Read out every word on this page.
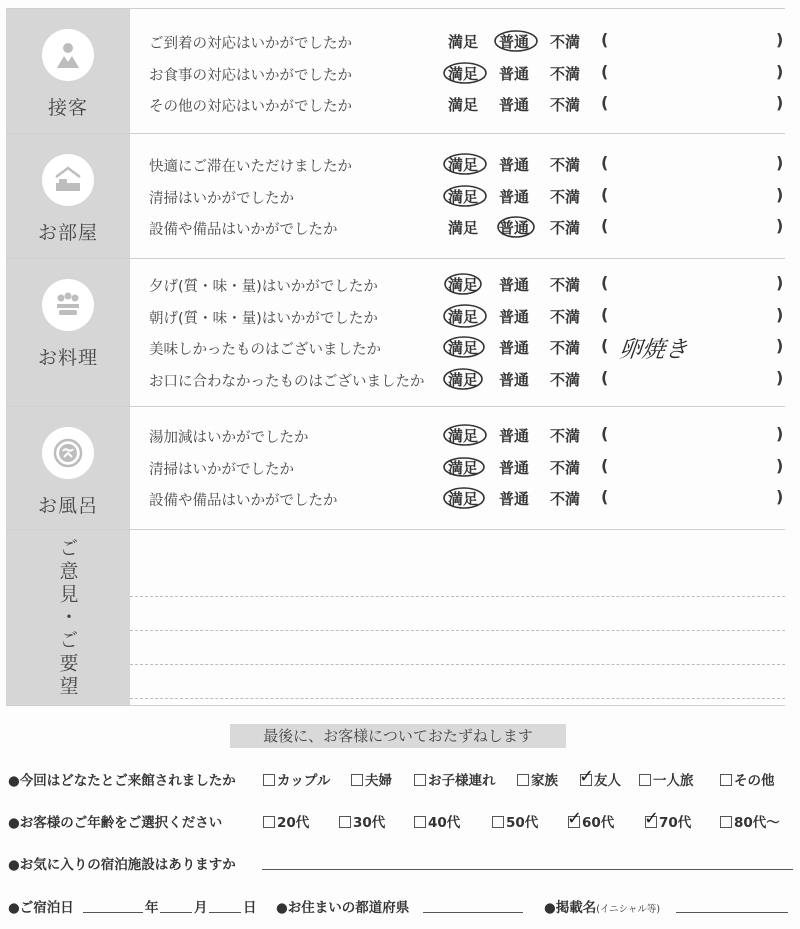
接客
ご到着の対応はいかがでしたか	満足 普通 不満 (	)
お食事の対応はいかがでしたか	満足 普通 不満 (	)
その他の対応はいかがでしたか	満足 普通 不満 (	)
お部屋
快適にご滞在いただけましたか	満足 普通 不満 (	)
清掃はいかがでしたか	満足 普通 不満 (	)
設備や備品はいかがでしたか	満足 普通 不満 (	)
お料理
夕げ(質・味・量)はいかがでしたか	満足 普通 不満 (	)
朝げ(質・味・量)はいかがでしたか	満足 普通 不満 (	)
美味しかったものはございましたか	満足 普通 不満 ( 卵焼き	)
お口に合わなかったものはございましたか 満足 普通 不満 (	)
お風呂
湯加減はいかがでしたか	満足 普通 不満 (	)
清掃はいかがでしたか	満足 普通 不満 (	)
設備や備品はいかがでしたか	満足 普通 不満 (	)
ご意見・ご要望
最後に、お客様についておたずねします
●今回はどなたとご来館されましたか	カップル	夫婦	お子様連れ	家族 ✓ 友人	一人旅	その他
●お客様のご年齢をご選択ください	20代	30代	40代	50代 ✓ 60代 ✓ 70代	80代〜
●お気に入りの宿泊施設はありますか
●ご宿泊日	年	月	日 ●お住まいの都道府県	●掲載名(イニシャル等)
